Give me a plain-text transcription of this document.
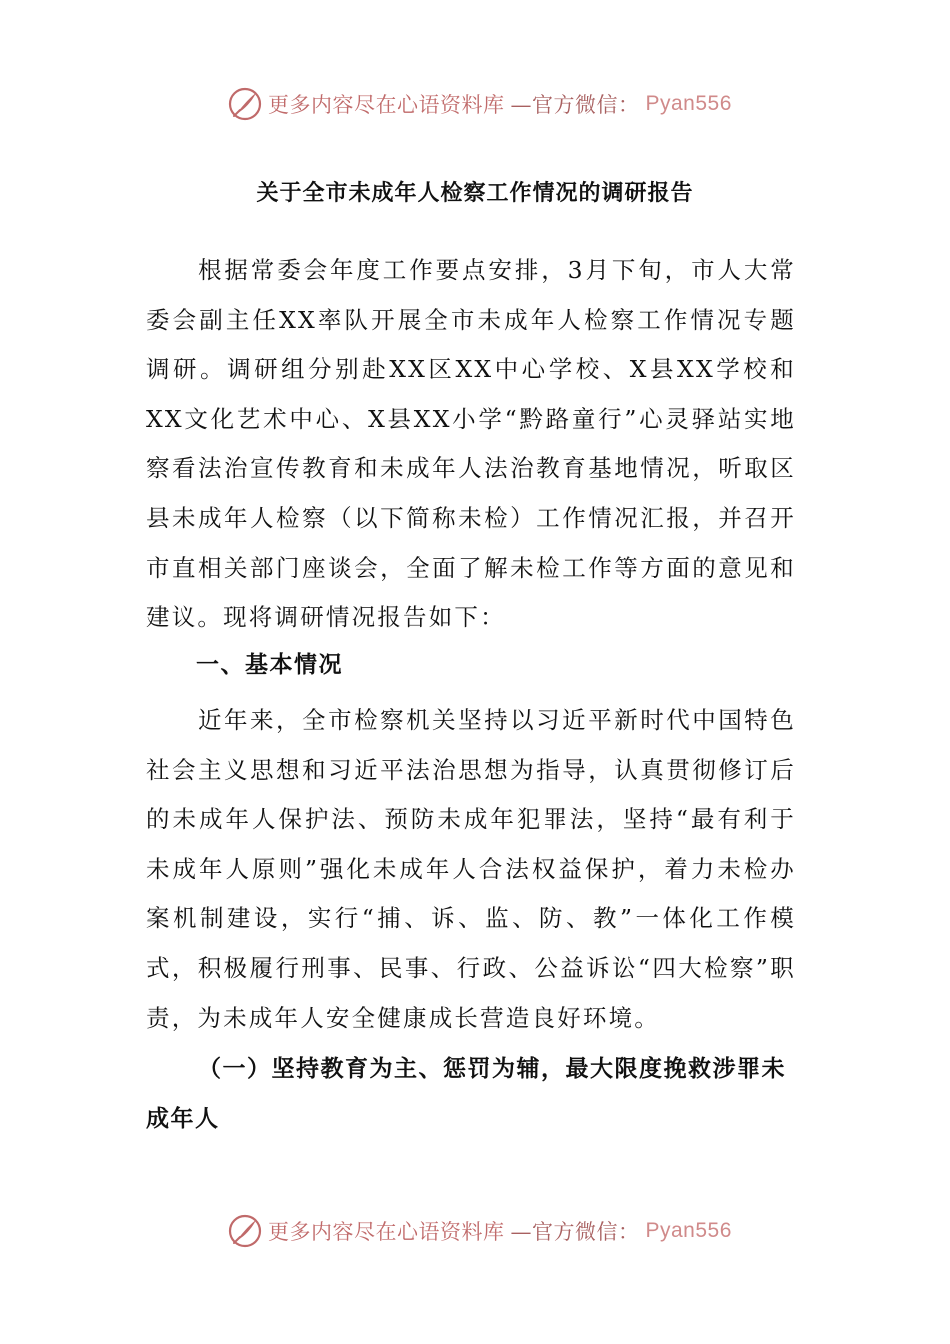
更多内容尽在心语资料库 —官方微信： Pyan556
关于全市未成年人检察工作情况的调研报告

根据常委会年度工作要点安排，3月下旬，市人大常委会副主任XX率队开展全市未成年人检察工作情况专题调研。调研组分别赴XX区XX中心学校、X县XX学校和XX文化艺术中心、X县XX小学“黔路童行”心灵驿站实地察看法治宣传教育和未成年人法治教育基地情况，听取区县未成年人检察（以下简称未检）工作情况汇报，并召开市直相关部门座谈会，全面了解未检工作等方面的意见和建议。现将调研情况报告如下：

一、基本情况

近年来，全市检察机关坚持以习近平新时代中国特色社会主义思想和习近平法治思想为指导，认真贯彻修订后的未成年人保护法、预防未成年犯罪法，坚持“最有利于未成年人原则”强化未成年人合法权益保护，着力未检办案机制建设，实行“捕、诉、监、防、教”一体化工作模式，积极履行刑事、民事、行政、公益诉讼“四大检察”职责，为未成年人安全健康成长营造良好环境。

（一）坚持教育为主、惩罚为辅，最大限度挽救涉罪未成年人
更多内容尽在心语资料库 —官方微信： Pyan556
